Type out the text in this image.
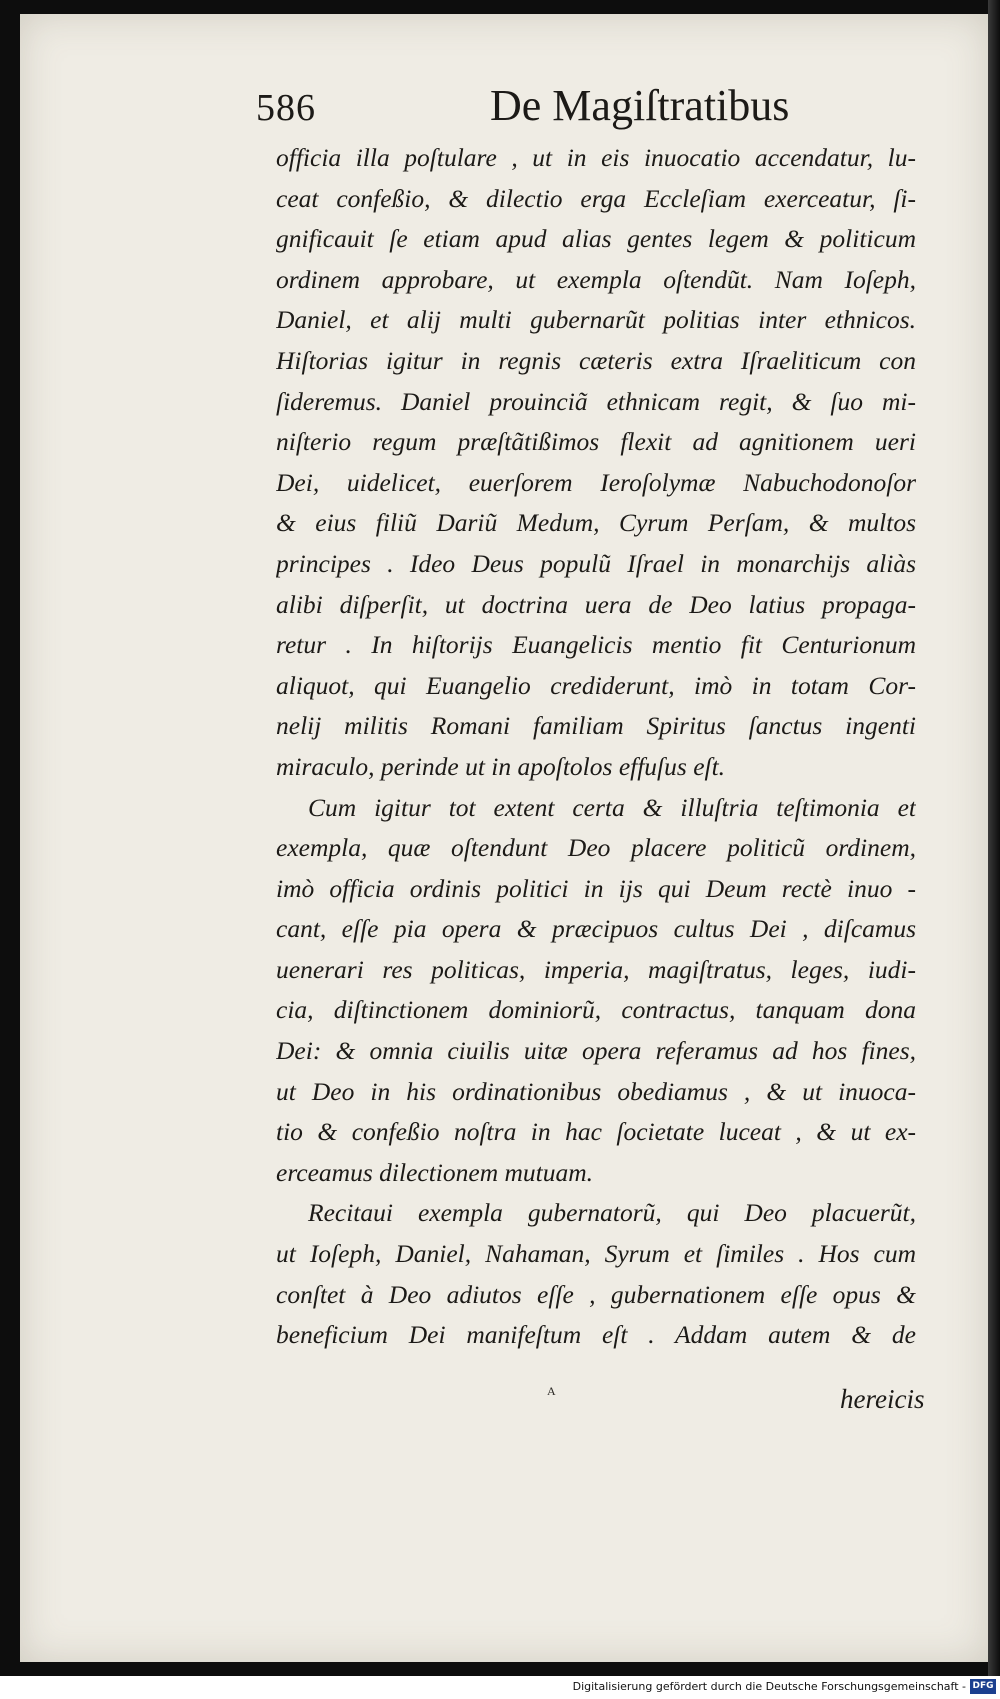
586	De Magiſtratibus
officia illa poſtulare , ut in eis inuocatio accendatur, lu-
ceat confeßio, & dilectio erga Eccleſiam exerceatur, ſi-
gnificauit ſe etiam apud alias gentes legem & politicum
ordinem approbare, ut exempla oſtendũt. Nam Ioſeph,
Daniel, et alij multi gubernarũt politias inter ethnicos.
Hiſtorias igitur in regnis cæteris extra Iſraeliticum con
ſideremus. Daniel prouinciã ethnicam regit, & ſuo mi-
niſterio regum præſtãtißimos flexit ad agnitionem ueri
Dei, uidelicet, euerſorem Ieroſolymæ Nabuchodonoſor
& eius filiũ Dariũ Medum, Cyrum Perſam, & multos
principes . Ideo Deus populũ Iſrael in monarchijs aliàs
alibi diſperſit, ut doctrina uera de Deo latius propaga-
retur . In hiſtorijs Euangelicis mentio fit Centurionum
aliquot, qui Euangelio crediderunt, imò in totam Cor-
nelij militis Romani familiam Spiritus ſanctus ingenti
miraculo, perinde ut in apoſtolos effuſus eſt.
Cum igitur tot extent certa & illuſtria teſtimonia et
exempla, quæ oſtendunt Deo placere politicũ ordinem,
imò officia ordinis politici in ijs qui Deum rectè inuo -
cant, eſſe pia opera & præcipuos cultus Dei , diſcamus
uenerari res politicas, imperia, magiſtratus, leges, iudi-
cia, diſtinctionem dominiorũ, contractus, tanquam dona
Dei: & omnia ciuilis uitæ opera referamus ad hos fines,
ut Deo in his ordinationibus obediamus , & ut inuoca-
tio & confeßio noſtra in hac ſocietate luceat , & ut ex-
erceamus dilectionem mutuam.
Recitaui exempla gubernatorũ, qui Deo placuerũt,
ut Ioſeph, Daniel, Nahaman, Syrum et ſimiles . Hos cum
conſtet à Deo adiutos eſſe , gubernationem eſſe opus &
beneficium Dei manifeſtum eſt . Addam autem & de
A	hereicis
Digitalisierung gefördert durch die Deutsche Forschungsgemeinschaft - DFG
